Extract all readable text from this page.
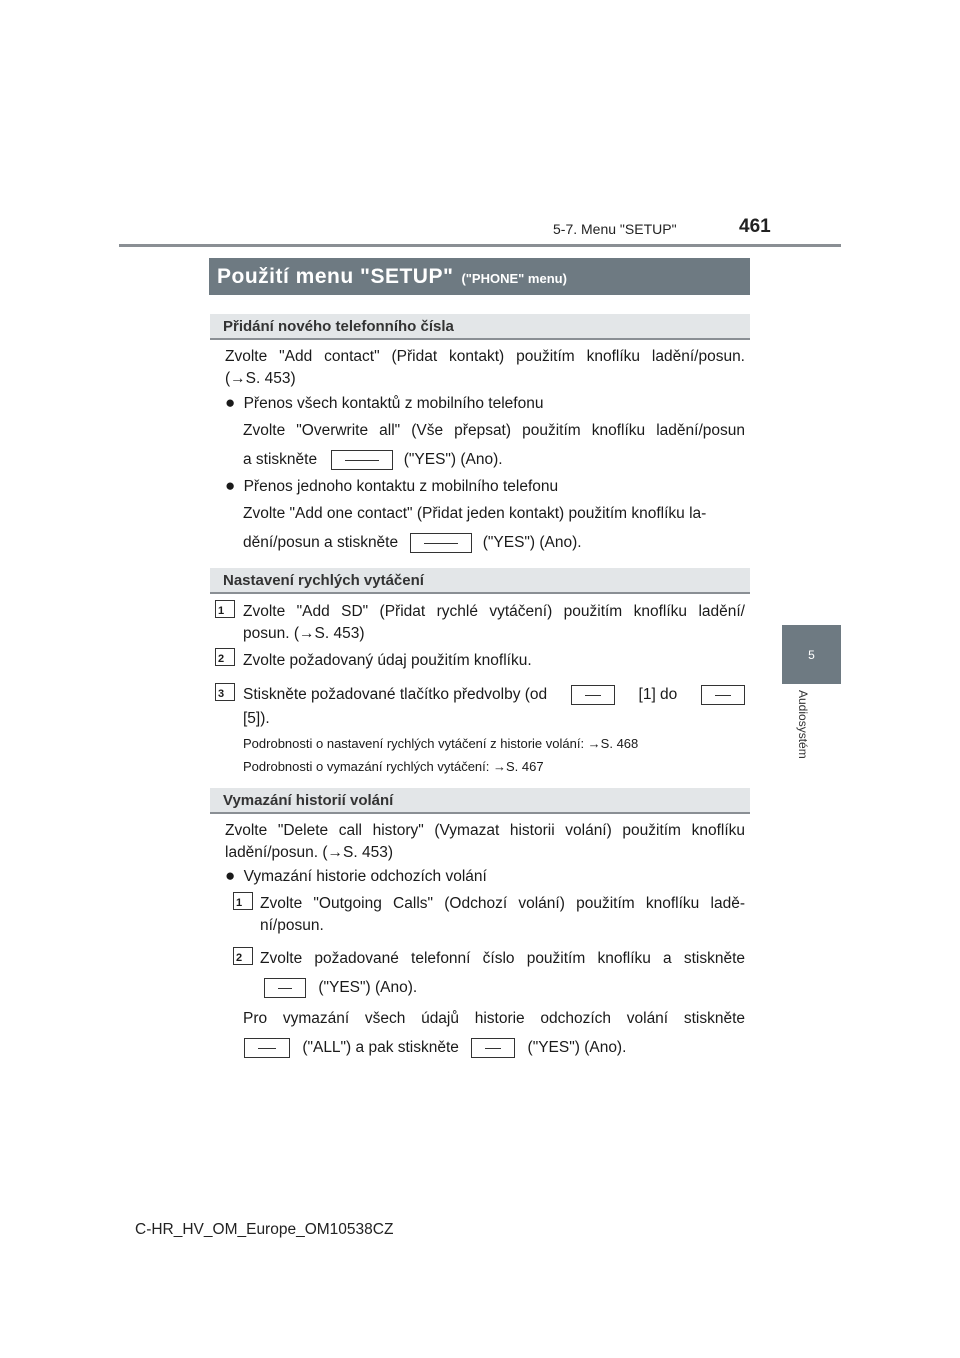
5-7. Menu "SETUP"	461
5
Audiosystém
Použití menu "SETUP" ("PHONE" menu)
Přidání nového telefonního čísla
Zvolte "Add contact" (Přidat kontakt) použitím knoflíku ladění/posun.
(→S. 453)
● Přenos všech kontaktů z mobilního telefonu
Zvolte "Overwrite all" (Vše přepsat) použitím knoflíku ladění/posun
a stiskněte	("YES") (Ano).
● Přenos jednoho kontaktu z mobilního telefonu
Zvolte "Add one contact" (Přidat jeden kontakt) použitím knoflíku la-
dění/posun a stiskněte	("YES") (Ano).
Nastavení rychlých vytáčení
1	Zvolte "Add SD" (Přidat rychlé vytáčení) použitím knoflíku ladění/
posun. (→S. 453)
2	Zvolte požadovaný údaj použitím knoflíku.
3	Stiskněte požadované tlačítko předvolby (od	[1] do
[5]).
Podrobnosti o nastavení rychlých vytáčení z historie volání: →S. 468
Podrobnosti o vymazání rychlých vytáčení: →S. 467
Vymazání historií volání
Zvolte "Delete call history" (Vymazat historii volání) použitím knoflíku
ladění/posun. (→S. 453)
● Vymazání historie odchozích volání
1	Zvolte "Outgoing Calls" (Odchozí volání) použitím knoflíku ladě-
ní/posun.
2	Zvolte požadované telefonní číslo použitím knoflíku a stiskněte
("YES") (Ano).
Pro vymazání všech údajů historie odchozích volání stiskněte
("ALL") a pak stiskněte	("YES") (Ano).
C-HR_HV_OM_Europe_OM10538CZ
